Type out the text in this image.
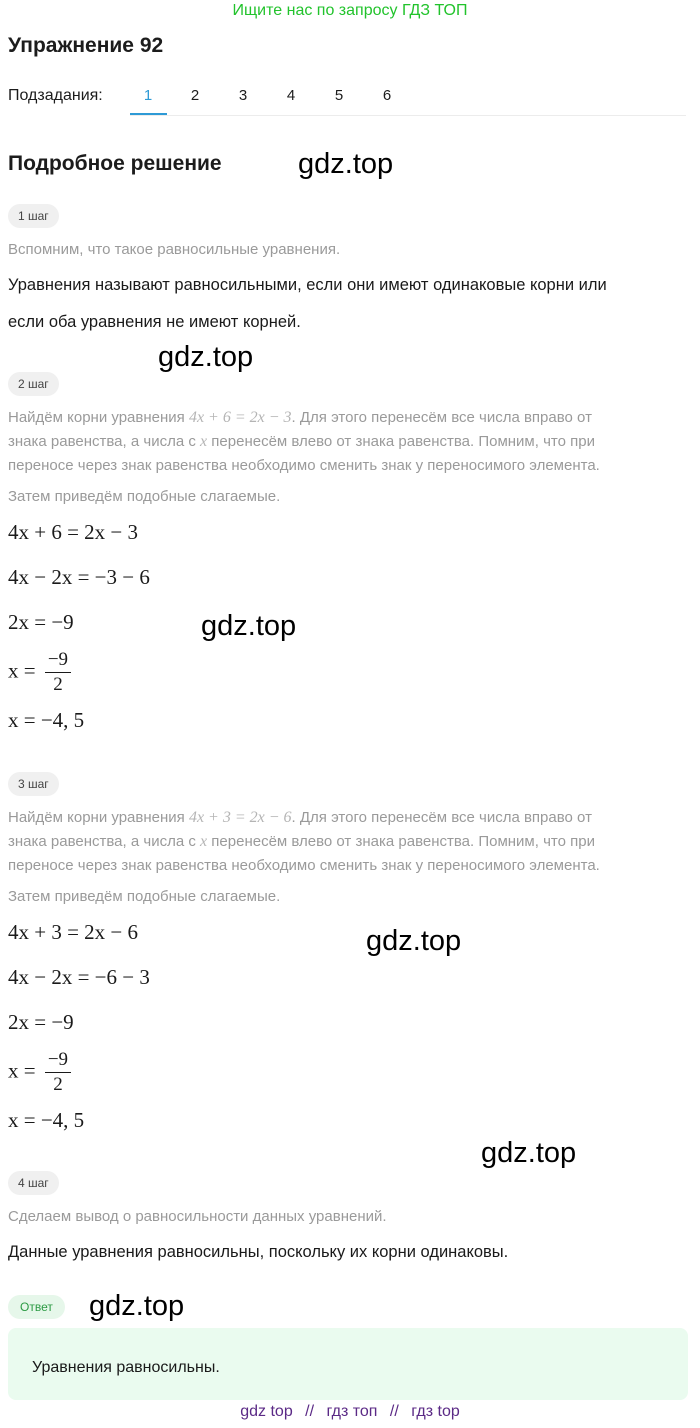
Ищите нас по запросу ГДЗ ТОП
Упражнение 92
Подзадания:	1	2	3	4	5	6
Подробное решение	gdz.top
1 шаг
Вспомним, что такое равносильные уравнения.
Уравнения называют равносильными, если они имеют одинаковые корни или
если оба уравнения не имеют корней.
gdz.top
2 шаг
Найдём корни уравнения 4x + 6 = 2x − 3. Для этого перенесём все числа вправо от
знака равенства, а числа с x перенесём влево от знака равенства. Помним, что при
переносе через знак равенства необходимо сменить знак у переносимого элемента.
Затем приведём подобные слагаемые.
4x + 6 = 2x − 3
4x − 2x = −3 − 6
2x = −9	gdz.top
$x = \frac{-9}{2}$
x = −4, 5
3 шаг
Найдём корни уравнения 4x + 3 = 2x − 6. Для этого перенесём все числа вправо от
знака равенства, а числа с x перенесём влево от знака равенства. Помним, что при
переносе через знак равенства необходимо сменить знак у переносимого элемента.
Затем приведём подобные слагаемые.
4x + 3 = 2x − 6	gdz.top
4x − 2x = −6 − 3
2x = −9
$x = \frac{-9}{2}$
x = −4, 5
gdz.top
4 шаг
Сделаем вывод о равносильности данных уравнений.
Данные уравнения равносильны, поскольку их корни одинаковы.
Ответ	gdz.top
Уравнения равносильны.
gdz top // гдз топ // гдз top
